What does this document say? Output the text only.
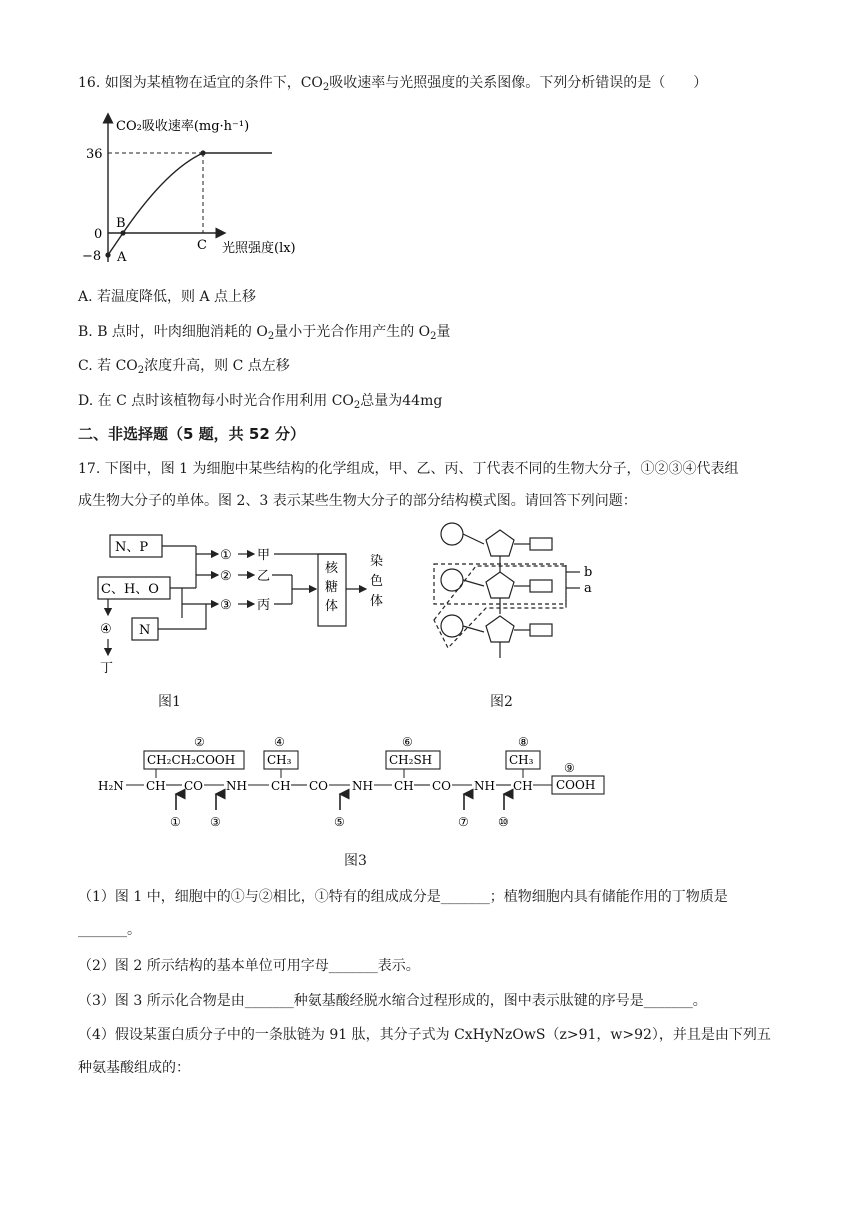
16. 如图为某植物在适宜的条件下，$CO_2$吸收速率与光照强度的关系图像。下列分析错误的是（　　）
CO₂吸收速率(mg·h⁻¹)
36
0
−8 A
B
C 光照强度(lx)
A. 若温度降低，则 A 点上移
B. B 点时，叶肉细胞消耗的 $O_2$量小于光合作用产生的 $O_2$量
C. 若 $CO_2$浓度升高，则 C 点左移
D. 在 C 点时该植物每小时光合作用利用 $CO_2$总量为44mg
二、非选择题（5 题，共 52 分）
17. 下图中，图 1 为细胞中某些结构的化学组成，甲、乙、丙、丁代表不同的生物大分子，①②③④代表组
成生物大分子的单体。图 2、3 表示某些生物大分子的部分结构模式图。请回答下列问题：
N、P
C、H、O
N
④
丁
①
②
③
甲
乙
丙
核
糖
体
染
色
体
图1
b
a
图2
②
CH₂CH₂COOH
④
CH₃
⑥
CH₂SH
⑧
CH₃
⑨
COOH
H₂N CH CO NH CH CO NH CH CO NH CH
① ③	⑤	⑦ ⑩
图3
（1）图 1 中，细胞中的①与②相比，①特有的组成成分是_______；植物细胞内具有储能作用的丁物质是
_______。
（2）图 2 所示结构的基本单位可用字母_______表示。
（3）图 3 所示化合物是由_______种氨基酸经脱水缩合过程形成的，图中表示肽键的序号是_______。
（4）假设某蛋白质分子中的一条肽链为 91 肽，其分子式为 CxHyNzOwS（z>91，w>92），并且是由下列五
种氨基酸组成的：
